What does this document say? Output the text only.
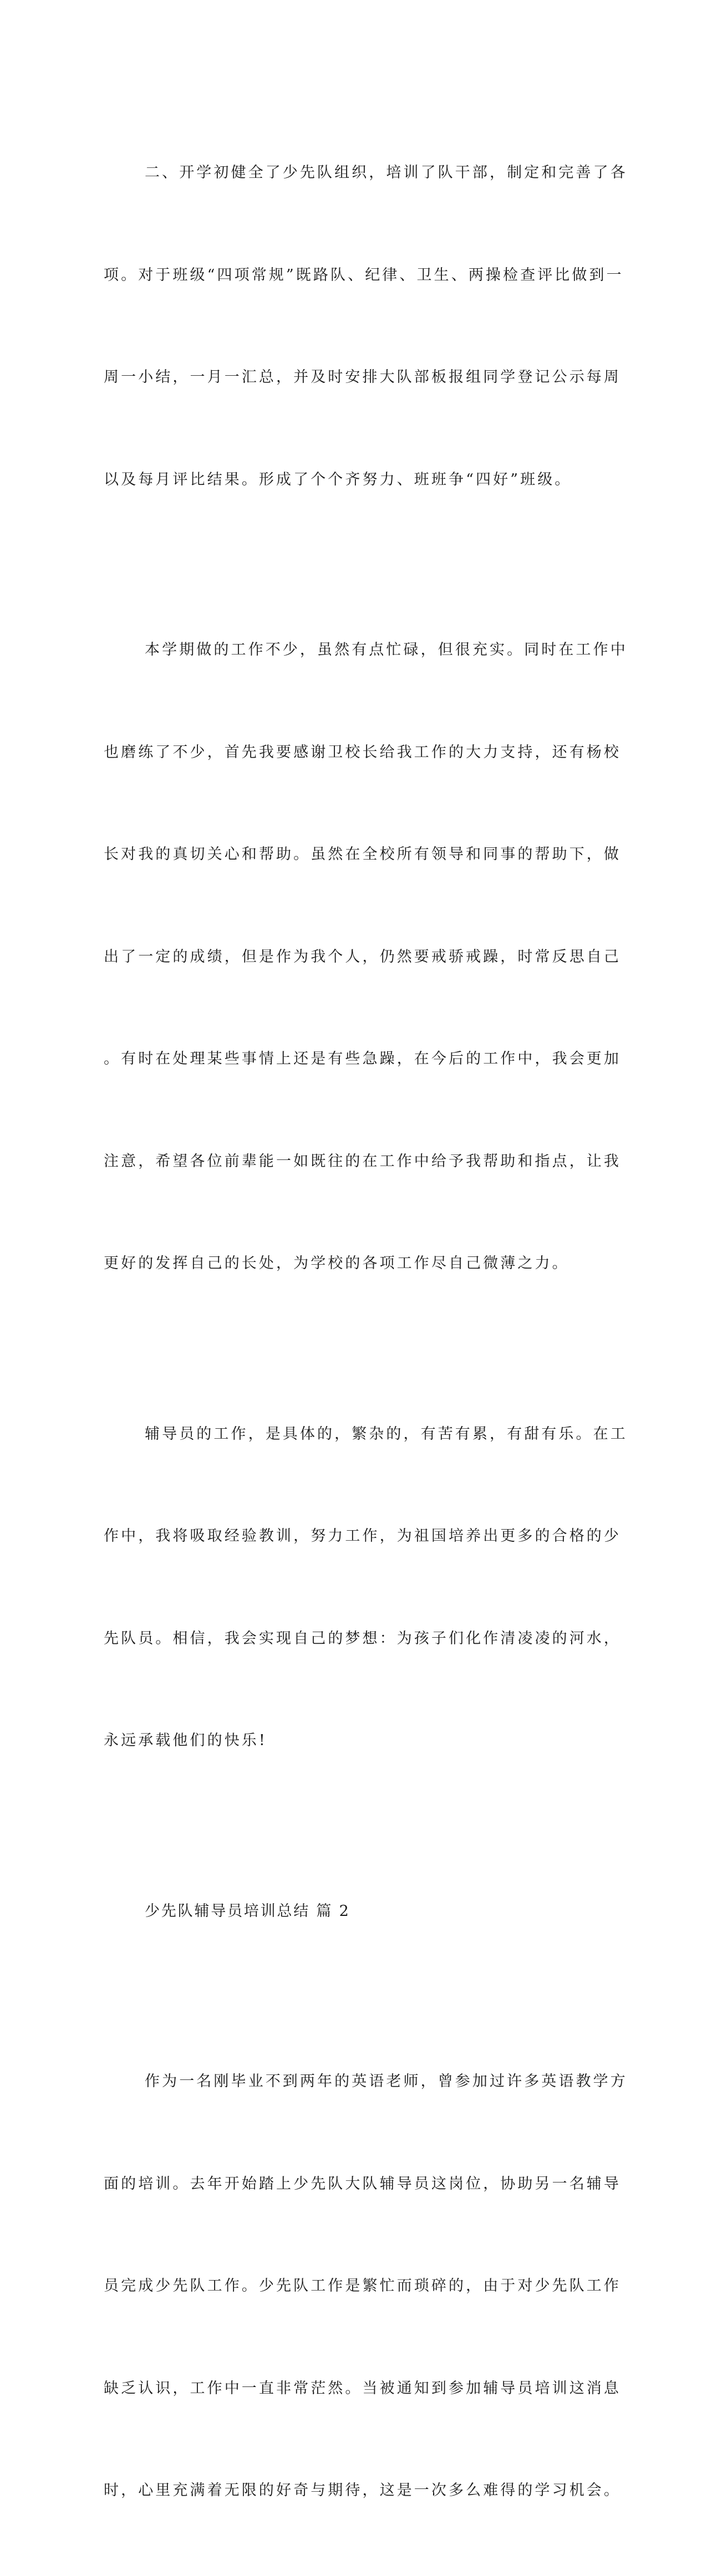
二、开学初健全了少先队组织，培训了队干部，制定和完善了各

项。对于班级“四项常规”既路队、纪律、卫生、两操检查评比做到一

周一小结，一月一汇总，并及时安排大队部板报组同学登记公示每周

以及每月评比结果。形成了个个齐努力、班班争“四好”班级。

本学期做的工作不少，虽然有点忙碌，但很充实。同时在工作中

也磨练了不少，首先我要感谢卫校长给我工作的大力支持，还有杨校

长对我的真切关心和帮助。虽然在全校所有领导和同事的帮助下，做

出了一定的成绩，但是作为我个人，仍然要戒骄戒躁，时常反思自己

。有时在处理某些事情上还是有些急躁，在今后的工作中，我会更加

注意，希望各位前辈能一如既往的在工作中给予我帮助和指点，让我

更好的发挥自己的长处，为学校的各项工作尽自己微薄之力。

辅导员的工作，是具体的，繁杂的，有苦有累，有甜有乐。在工

作中，我将吸取经验教训，努力工作，为祖国培养出更多的合格的少

先队员。相信，我会实现自己的梦想：为孩子们化作清凌凌的河水，

永远承载他们的快乐!

少先队辅导员培训总结 篇 2

作为一名刚毕业不到两年的英语老师，曾参加过许多英语教学方

面的培训。去年开始踏上少先队大队辅导员这岗位，协助另一名辅导

员完成少先队工作。少先队工作是繁忙而琐碎的，由于对少先队工作

缺乏认识，工作中一直非常茫然。当被通知到参加辅导员培训这消息

时，心里充满着无限的好奇与期待，这是一次多么难得的学习机会。
